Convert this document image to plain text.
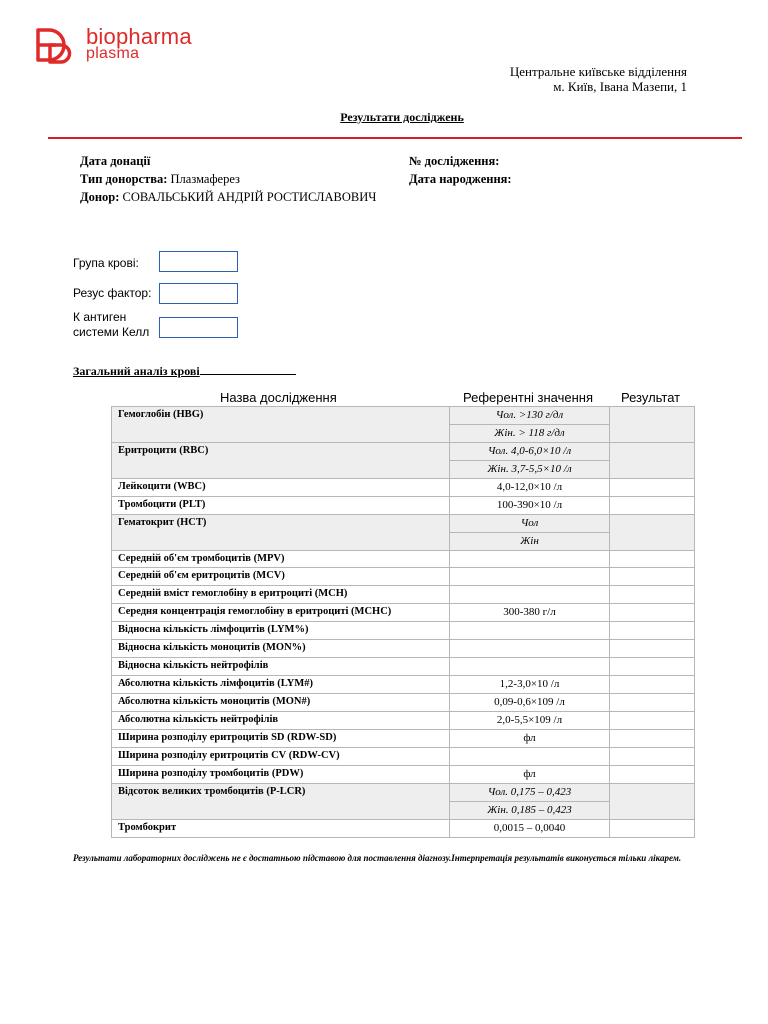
biopharma
plasma
Центральне київське відділення
м. Київ, Івана Мазепи, 1
Результати досліджень
Дата донації
Тип донорства: Плазмаферез
Донор: СОВАЛЬСЬКИЙ АНДРІЙ РОСТИСЛАВОВИЧ
№ дослідження:
Дата народження:
Група крові:
Резус фактор:
К антиген
системи Келл
Загальний аналіз крові
Назва дослідження	Референтні значення Результат
Гемоглобін (HBG)	Чол. >130 г/дл	
	Жін. > 118 г/дл	
Еритроцити (RBC)	Чол. 4,0-6,0×10 /л	
	Жін. 3,7-5,5×10 /л	
Лейкоцити (WBC)	4,0-12,0×10 /л	
Тромбоцити (PLT)	100-390×10 /л	
Гематокрит (HCT)	Чол	
	Жін	
Середній об'єм тромбоцитів (MPV)		
Середній об'єм еритроцитів (MCV)		
Середній вміст гемоглобіну в еритроциті (MCH)		
Середня концентрація гемоглобіну в еритроциті (MCHC)	300-380 г/л	
Відносна кількість лімфоцитів (LYM%)		
Відносна кількість моноцитів (MON%)		
Відносна кількість нейтрофілів		
Абсолютна кількість лімфоцитів (LYM#)	1,2-3,0×10 /л	
Абсолютна кількість моноцитів (MON#)	0,09-0,6×109 /л	
Абсолютна кількість нейтрофілів	2,0-5,5×109 /л	
Ширина розподілу еритроцитів SD (RDW-SD)	фл	
Ширина розподілу еритроцитів CV (RDW-CV)		
Ширина розподілу тромбоцитів (PDW)	фл	
Відсоток великих тромбоцитів (P-LCR)	Чол. 0,175 – 0,423	
	Жін. 0,185 – 0,423	
Тромбокрит	0,0015 – 0,0040	
Результати лабораторних досліджень не є достатньою підставою для поставлення діагнозу.Інтерпретація результатів виконується тільки лікарем.
